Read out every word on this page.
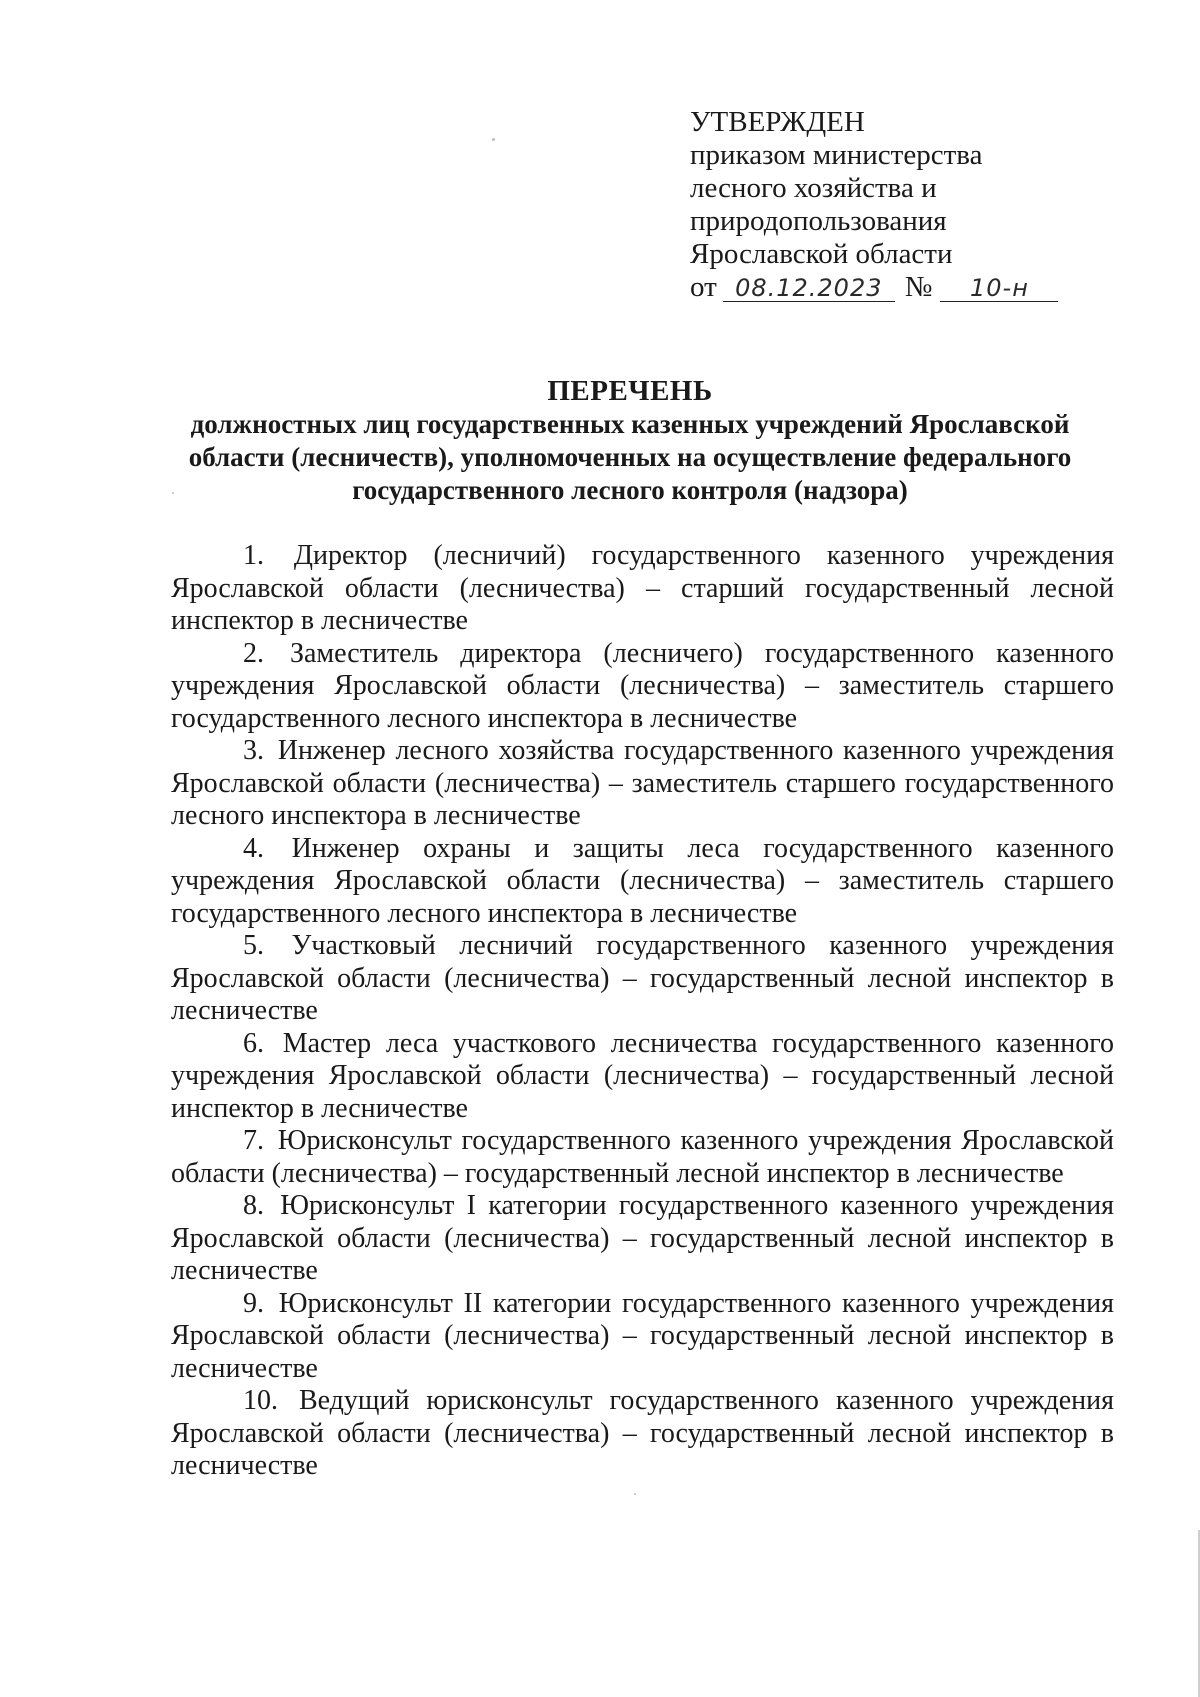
УТВЕРЖДЕН
приказом министерства
лесного хозяйства и
природопользования
Ярославской области
от 08.12.2023 № 10-н
ПЕРЕЧЕНЬ
должностных лиц государственных казенных учреждений Ярославской области (лесничеств), уполномоченных на осуществление федерального государственного лесного контроля (надзора)

1. Директор (лесничий) государственного казенного учреждения Ярославской области (лесничества) – старший государственный лесной инспектор в лесничестве

2. Заместитель директора (лесничего) государственного казенного учреждения Ярославской области (лесничества) – заместитель старшего государственного лесного инспектора в лесничестве

3. Инженер лесного хозяйства государственного казенного учреждения Ярославской области (лесничества) – заместитель старшего государственного лесного инспектора в лесничестве

4. Инженер охраны и защиты леса государственного казенного учреждения Ярославской области (лесничества) – заместитель старшего государственного лесного инспектора в лесничестве

5. Участковый лесничий государственного казенного учреждения Ярославской области (лесничества) – государственный лесной инспектор в лесничестве

6. Мастер леса участкового лесничества государственного казенного учреждения Ярославской области (лесничества) – государственный лесной инспектор в лесничестве

7. Юрисконсульт государственного казенного учреждения Ярославской области (лесничества) – государственный лесной инспектор в лесничестве

8. Юрисконсульт I категории государственного казенного учреждения Ярославской области (лесничества) – государственный лесной инспектор в лесничестве

9. Юрисконсульт II категории государственного казенного учреждения Ярославской области (лесничества) – государственный лесной инспектор в лесничестве

10. Ведущий юрисконсульт государственного казенного учреждения Ярославской области (лесничества) – государственный лесной инспектор в лесничестве
